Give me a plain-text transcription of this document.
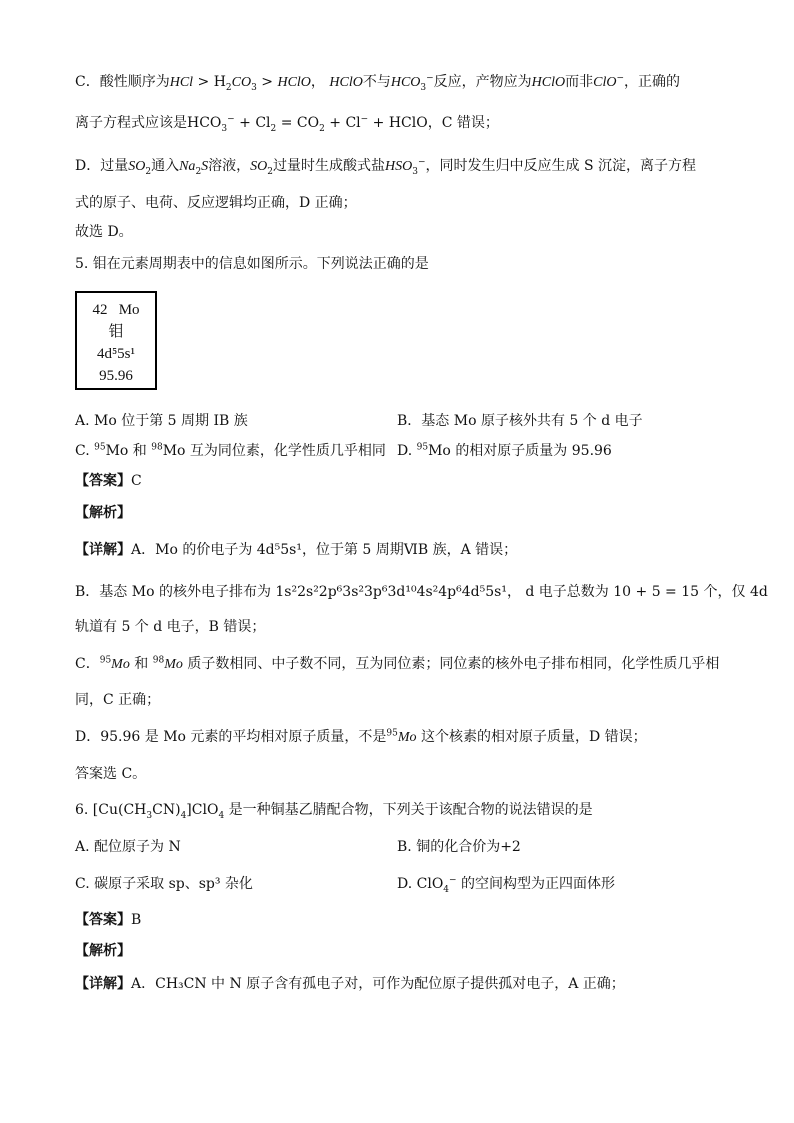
C．酸性顺序为HCl > $H_2CO_3$ > HClO， HClO不与$HCO_3^-$反应，产物应为HClO而非ClO−，正确的
离子方程式应该是$HCO_3^- + Cl_2 = CO_2 + Cl^-$ + HClO，C 错误；
D．过量$SO_2$通入$Na_2S$溶液，$SO_2$过量时生成酸式盐$HSO_3^-$，同时发生归中反应生成 S 沉淀，离子方程
式的原子、电荷、反应逻辑均正确，D 正确；
故选 D。
5. 钼在元素周期表中的信息如图所示。下列说法正确的是
42 Mo
钼
4d⁵5s¹
95.96
A. Mo 位于第 5 周期 IB 族	B．基态 Mo 原子核外共有 5 个 d 电子
C. $^{95}$Mo 和 $^{98}$Mo 互为同位素，化学性质几乎相同 D. $^{95}$Mo 的相对原子质量为 95.96
【答案】C
【解析】
【详解】A．Mo 的价电子为 4d⁵5s¹，位于第 5 周期ⅥB 族，A 错误；
B．基态 Mo 的核外电子排布为 1s²2s²2p⁶3s²3p⁶3d¹⁰4s²4p⁶4d⁵5s¹， d 电子总数为 10 + 5 = 15 个，仅 4d
轨道有 5 个 d 电子，B 错误；
C．$^{95}$Mo 和 $^{98}$Mo 质子数相同、中子数不同，互为同位素；同位素的核外电子排布相同，化学性质几乎相
同，C 正确；
D．95.96 是 Mo 元素的平均相对原子质量，不是$^{95}$Mo 这个核素的相对原子质量，D 错误；
答案选 C。
6. $[Cu(CH_3CN)_4]ClO_4$ 是一种铜基乙腈配合物，下列关于该配合物的说法错误的是
A. 配位原子为 N	B. 铜的化合价为+2
C. 碳原子采取 sp、sp³ 杂化	D. ClO$_4$− 的空间构型为正四面体形
【答案】B
【解析】
【详解】A．CH₃CN 中 N 原子含有孤电子对，可作为配位原子提供孤对电子，A 正确；
